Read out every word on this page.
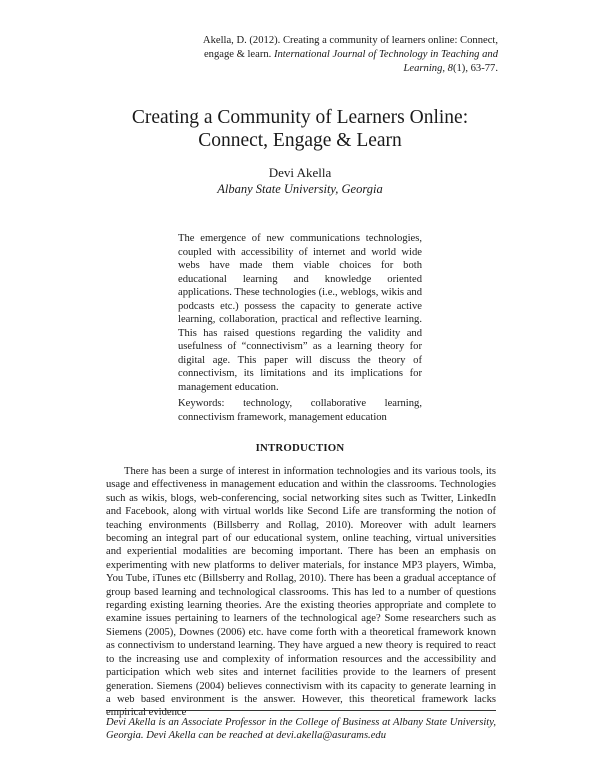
Akella, D. (2012). Creating a community of learners online: Connect,
engage & learn. International Journal of Technology in Teaching and Learning, 8(1), 63-77.
Creating a Community of Learners Online:
Connect, Engage & Learn
Devi Akella
Albany State University, Georgia

The emergence of new communications technologies, coupled with accessibility of internet and world wide webs have made them viable choices for both educational learning and knowledge oriented applications. These technologies (i.e., weblogs, wikis and podcasts etc.) possess the capacity to generate active learning, collaboration, practical and reflective learning. This has raised questions regarding the validity and usefulness of “connectivism” as a learning theory for digital age. This paper will discuss the theory of connectivism, its limitations and its implications for management education.

Keywords: technology, collaborative learning, connectivism framework, management education

INTRODUCTION

There has been a surge of interest in information technologies and its various tools, its usage and effectiveness in management education and within the classrooms. Technologies such as wikis, blogs, web-conferencing, social networking sites such as Twitter, LinkedIn and Facebook, along with virtual worlds like Second Life are transforming the notion of teaching environments (Billsberry and Rollag, 2010). Moreover with adult learners becoming an integral part of our educational system, online teaching, virtual universities and experiential modalities are becoming important. There has been an emphasis on experimenting with new platforms to deliver materials, for instance MP3 players, Wimba, You Tube, iTunes etc (Billsberry and Rollag, 2010). There has been a gradual acceptance of group based learning and technological classrooms. This has led to a number of questions regarding existing learning theories. Are the existing theories appropriate and complete to examine issues pertaining to learners of the technological age? Some researchers such as Siemens (2005), Downes (2006) etc. have come forth with a theoretical framework known as connectivism to understand learning. They have argued a new theory is required to react to the increasing use and complexity of information resources and the accessibility and participation which web sites and internet facilities provide to the learners of present generation. Siemens (2004) believes connectivism with its capacity to generate learning in a web based environment is the answer. However, this theoretical framework lacks empirical evidence

Devi Akella is an Associate Professor in the College of Business at Albany State University, Georgia. Devi Akella can be reached at devi.akella@asurams.edu
